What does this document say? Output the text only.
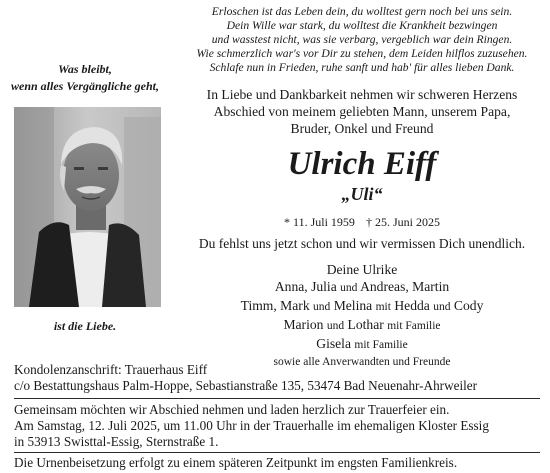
Erloschen ist das Leben dein, du wolltest gern noch bei uns sein.
Dein Wille war stark, du wolltest die Krankheit bezwingen
und wasstest nicht, was sie verbarg, vergeblich war dein Ringen.
Wie schmerzlich war's vor Dir zu stehen, dem Leiden hilflos zuzusehen.
Schlafe nun in Frieden, ruhe sanft und hab' für alles lieben Dank.
Was bleibt,
wenn alles Vergängliche geht,
ist die Liebe.
In Liebe und Dankbarkeit nehmen wir schweren Herzens
Abschied von meinem geliebten Mann, unserem Papa,
Bruder, Onkel und Freund
Ulrich Eiff
„Uli“
* 11. Juli 1959 † 25. Juni 2025
Du fehlst uns jetzt schon und wir vermissen Dich unendlich.
Deine Ulrike
Anna, Julia und Andreas, Martin
Timm, Mark und Melina mit Hedda und Cody
Marion und Lothar mit Familie
Gisela mit Familie
sowie alle Anverwandten und Freunde
Kondolenzanschrift: Trauerhaus Eiff
c/o Bestattungshaus Palm-Hoppe, Sebastianstraße 135, 53474 Bad Neuenahr-Ahrweiler
Gemeinsam möchten wir Abschied nehmen und laden herzlich zur Trauerfeier ein.
Am Samstag, 12. Juli 2025, um 11.00 Uhr in der Trauerhalle im ehemaligen Kloster Essig
in 53913 Swisttal-Essig, Sternstraße 1.
Die Urnenbeisetzung erfolgt zu einem späteren Zeitpunkt im engsten Familienkreis.
